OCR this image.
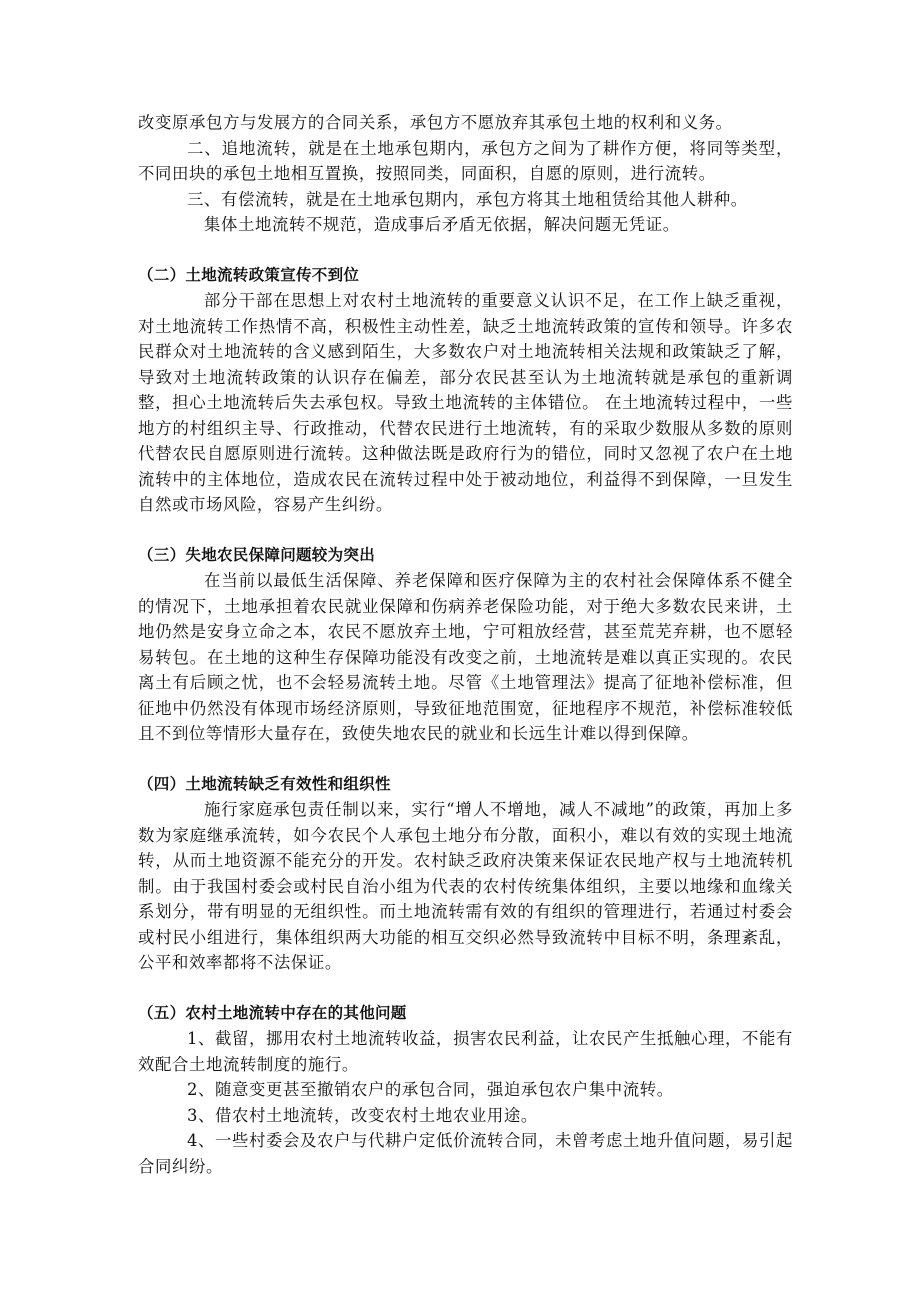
改变原承包方与发展方的合同关系，承包方不愿放弃其承包土地的权利和义务。

二、追地流转，就是在土地承包期内，承包方之间为了耕作方便，将同等类型，不同田块的承包土地相互置换，按照同类，同面积，自愿的原则，进行流转。

三、有偿流转，就是在土地承包期内，承包方将其土地租赁给其他人耕种。

集体土地流转不规范，造成事后矛盾无依据，解决问题无凭证。

（二）土地流转政策宣传不到位

部分干部在思想上对农村土地流转的重要意义认识不足，在工作上缺乏重视，对土地流转工作热情不高，积极性主动性差，缺乏土地流转政策的宣传和领导。许多农民群众对土地流转的含义感到陌生，大多数农户对土地流转相关法规和政策缺乏了解，导致对土地流转政策的认识存在偏差，部分农民甚至认为土地流转就是承包的重新调整，担心土地流转后失去承包权。导致土地流转的主体错位。 在土地流转过程中，一些地方的村组织主导、行政推动，代替农民进行土地流转，有的采取少数服从多数的原则代替农民自愿原则进行流转。这种做法既是政府行为的错位，同时又忽视了农户在土地流转中的主体地位，造成农民在流转过程中处于被动地位，利益得不到保障，一旦发生自然或市场风险，容易产生纠纷。

（三）失地农民保障问题较为突出

在当前以最低生活保障、养老保障和医疗保障为主的农村社会保障体系不健全的情况下，土地承担着农民就业保障和伤病养老保险功能，对于绝大多数农民来讲，土地仍然是安身立命之本，农民不愿放弃土地，宁可粗放经营，甚至荒芜弃耕，也不愿轻易转包。在土地的这种生存保障功能没有改变之前，土地流转是难以真正实现的。农民离土有后顾之忧，也不会轻易流转土地。尽管《土地管理法》提高了征地补偿标准，但征地中仍然没有体现市场经济原则，导致征地范围宽，征地程序不规范，补偿标准较低且不到位等情形大量存在，致使失地农民的就业和长远生计难以得到保障。

（四）土地流转缺乏有效性和组织性

施行家庭承包责任制以来，实行“增人不增地，减人不减地”的政策，再加上多数为家庭继承流转，如今农民个人承包土地分布分散，面积小，难以有效的实现土地流转，从而土地资源不能充分的开发。农村缺乏政府决策来保证农民地产权与土地流转机制。由于我国村委会或村民自治小组为代表的农村传统集体组织，主要以地缘和血缘关系划分，带有明显的无组织性。而土地流转需有效的有组织的管理进行，若通过村委会或村民小组进行，集体组织两大功能的相互交织必然导致流转中目标不明，条理紊乱，公平和效率都将不法保证。

（五）农村土地流转中存在的其他问题

1、截留，挪用农村土地流转收益，损害农民利益，让农民产生抵触心理，不能有效配合土地流转制度的施行。

2、随意变更甚至撤销农户的承包合同，强迫承包农户集中流转。

3、借农村土地流转，改变农村土地农业用途。

4、一些村委会及农户与代耕户定低价流转合同，未曾考虑土地升值问题，易引起合同纠纷。
